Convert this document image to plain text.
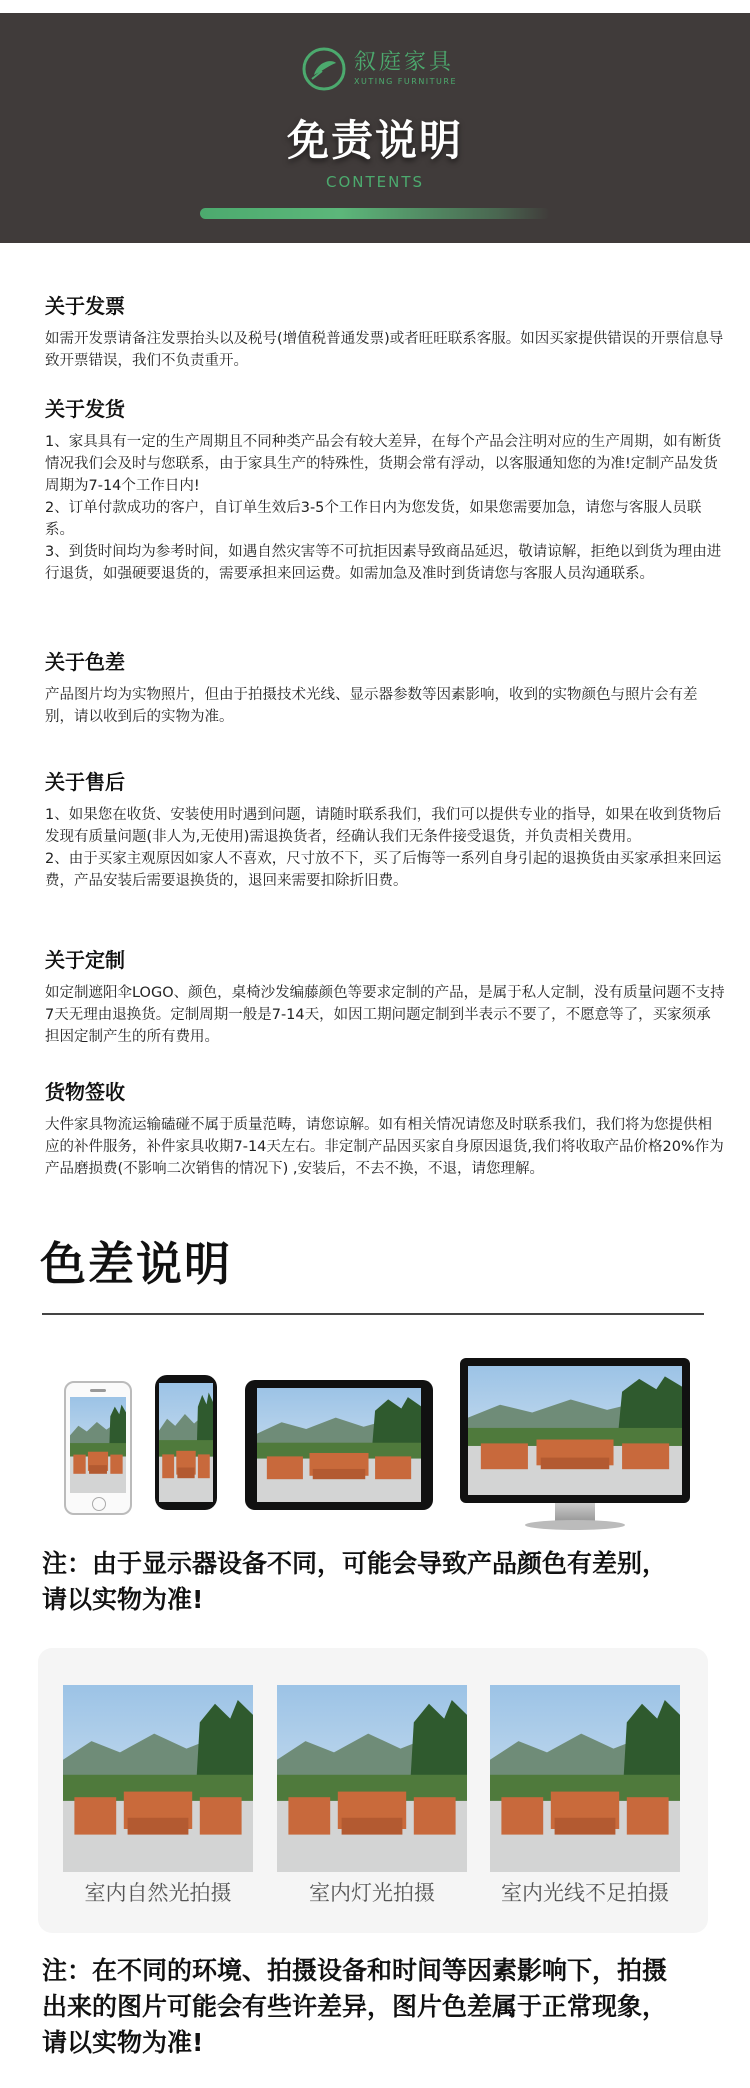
叙庭家具
XUTING FURNITURE
免责说明
CONTENTS
关于发票
如需开发票请备注发票抬头以及税号(增值税普通发票)或者旺旺联系客服。如因买家提供错误的开票信息导致开票错误，我们不负责重开。
关于发货
1、家具具有一定的生产周期且不同种类产品会有较大差异，在每个产品会注明对应的生产周期，如有断货情况我们会及时与您联系，由于家具生产的特殊性，货期会常有浮动，以客服通知您的为准!定制产品发货周期为7-14个工作日内!
2、订单付款成功的客户，自订单生效后3-5个工作日内为您发货，如果您需要加急，请您与客服人员联系。
3、到货时间均为参考时间，如遇自然灾害等不可抗拒因素导致商品延迟，敬请谅解，拒绝以到货为理由进行退货，如强硬要退货的，需要承担来回运费。如需加急及准时到货请您与客服人员沟通联系。
关于色差
产品图片均为实物照片，但由于拍摄技术光线、显示器参数等因素影响，收到的实物颜色与照片会有差别，请以收到后的实物为准。
关于售后
1、如果您在收货、安装使用时遇到问题，请随时联系我们，我们可以提供专业的指导，如果在收到货物后发现有质量问题(非人为,无使用)需退换货者，经确认我们无条件接受退货，并负责相关费用。
2、由于买家主观原因如家人不喜欢，尺寸放不下，买了后悔等一系列自身引起的退换货由买家承担来回运费，产品安装后需要退换货的，退回来需要扣除折旧费。
关于定制
如定制遮阳伞LOGO、颜色，桌椅沙发编藤颜色等要求定制的产品，是属于私人定制，没有质量问题不支持7天无理由退换货。定制周期一般是7-14天，如因工期问题定制到半表示不要了，不愿意等了，买家须承担因定制产生的所有费用。
货物签收
大件家具物流运输磕碰不属于质量范畴，请您谅解。如有相关情况请您及时联系我们，我们将为您提供相应的补件服务，补件家具收期7-14天左右。非定制产品因买家自身原因退货,我们将收取产品价格20%作为产品磨损费(不影响二次销售的情况下) ,安装后，不去不换，不退，请您理解。
色差说明
注：由于显示器设备不同，可能会导致产品颜色有差别，
请以实物为准!
室内自然光拍摄	室内灯光拍摄	室内光线不足拍摄
注：在不同的环境、拍摄设备和时间等因素影响下，拍摄
出来的图片可能会有些许差异，图片色差属于正常现象，
请以实物为准!
